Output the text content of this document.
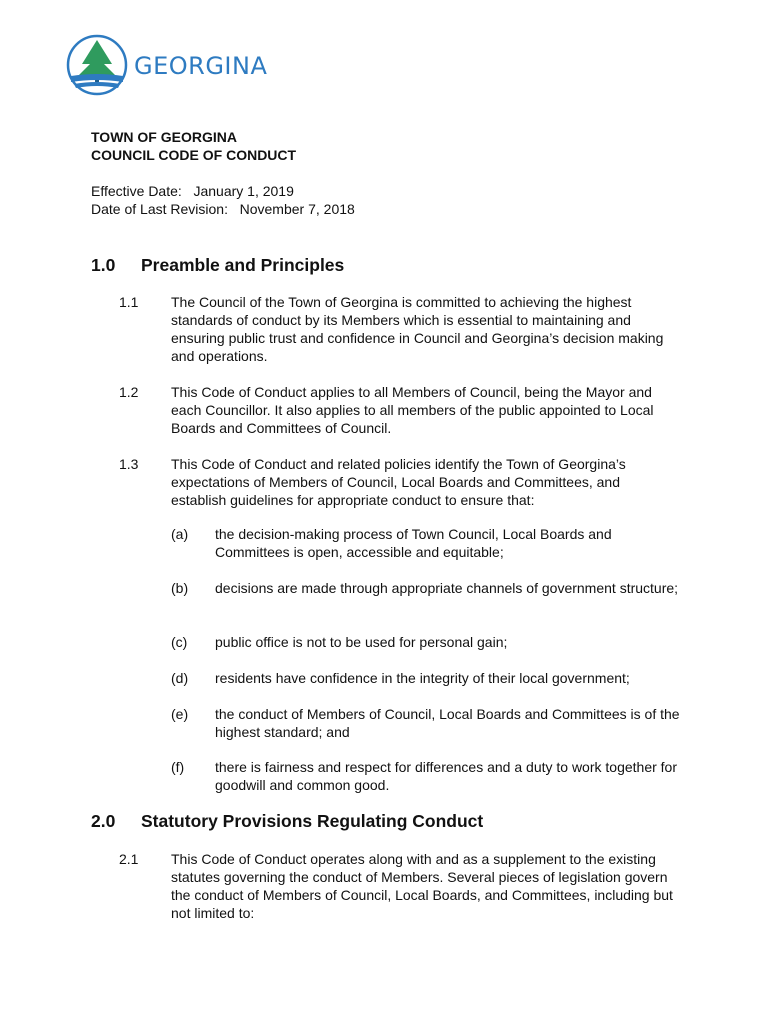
GEORGINA
TOWN OF GEORGINA
COUNCIL CODE OF CONDUCT
Effective Date:   January 1, 2019
Date of Last Revision:   November 7, 2018
1.0 Preamble and Principles
1.1 The Council of the Town of Georgina is committed to achieving the highest standards of conduct by its Members which is essential to maintaining and ensuring public trust and confidence in Council and Georgina’s decision making and operations.
1.2 This Code of Conduct applies to all Members of Council, being the Mayor and each Councillor. It also applies to all members of the public appointed to Local Boards and Committees of Council.
1.3 This Code of Conduct and related policies identify the Town of Georgina’s expectations of Members of Council, Local Boards and Committees, and establish guidelines for appropriate conduct to ensure that:
(a) the decision-making process of Town Council, Local Boards and Committees is open, accessible and equitable;
(b) decisions are made through appropriate channels of government structure;
(c) public office is not to be used for personal gain;
(d) residents have confidence in the integrity of their local government;
(e) the conduct of Members of Council, Local Boards and Committees is of the highest standard; and
(f) there is fairness and respect for differences and a duty to work together for goodwill and common good.
2.0 Statutory Provisions Regulating Conduct
2.1 This Code of Conduct operates along with and as a supplement to the existing statutes governing the conduct of Members. Several pieces of legislation govern the conduct of Members of Council, Local Boards, and Committees, including but not limited to:
